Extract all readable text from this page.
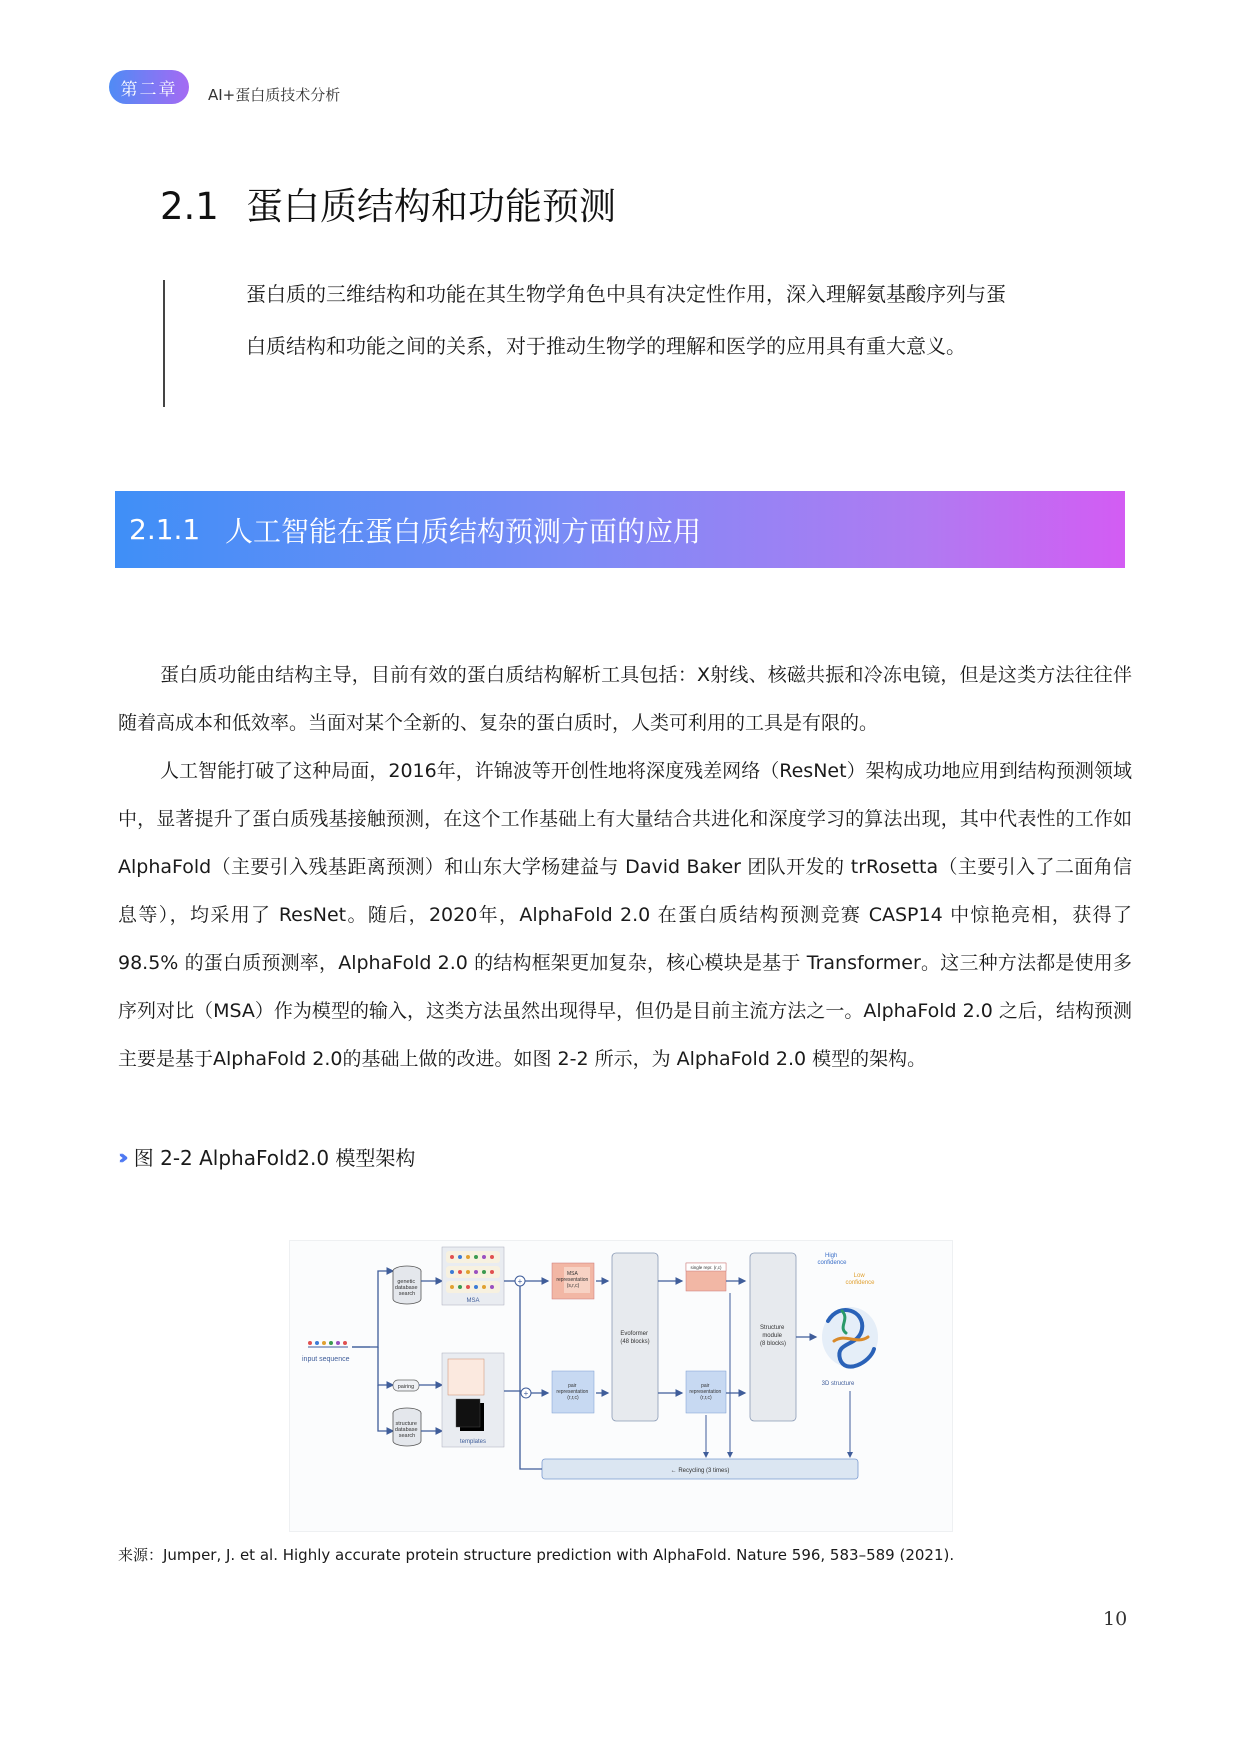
第二章	AI+蛋白质技术分析
2.1 蛋白质结构和功能预测
蛋白质的三维结构和功能在其生物学角色中具有决定性作用，深入理解氨基酸序列与蛋白质结构和功能之间的关系，对于推动生物学的理解和医学的应用具有重大意义。
2.1.1 人工智能在蛋白质结构预测方面的应用

蛋白质功能由结构主导，目前有效的蛋白质结构解析工具包括：X射线、核磁共振和冷冻电镜，但是这类方法往往伴随着高成本和低效率。当面对某个全新的、复杂的蛋白质时，人类可利用的工具是有限的。

人工智能打破了这种局面，2016年，许锦波等开创性地将深度残差网络（ResNet）架构成功地应用到结构预测领域中，显著提升了蛋白质残基接触预测，在这个工作基础上有大量结合共进化和深度学习的算法出现，其中代表性的工作如 AlphaFold（主要引入残基距离预测）和山东大学杨建益与 David Baker 团队开发的 trRosetta（主要引入了二面角信息等），均采用了 ResNet。随后，2020年，AlphaFold 2.0 在蛋白质结构预测竞赛 CASP14 中惊艳亮相，获得了 98.5% 的蛋白质预测率，AlphaFold 2.0 的结构框架更加复杂，核心模块是基于 Transformer。这三种方法都是使用多序列对比（MSA）作为模型的输入，这类方法虽然出现得早，但仍是目前主流方法之一。AlphaFold 2.0 之后，结构预测主要是基于AlphaFold 2.0的基础上做的改进。如图 2-2 所示，为 AlphaFold 2.0 模型的架构。

››› 图 2-2 AlphaFold2.0 模型架构
input sequence
genetic database search
pairing
structure database search
MSA
templates
+
+
MSA representation (s,r,c)
pair representation (r,r,c)
Evoformer (48 blocks)
single repr. (r,c)
pair representation (r,r,c)
Structure module (8 blocks)
High confidence
Low confidence
3D structure
← Recycling (3 times)
来源：Jumper, J. et al. Highly accurate protein structure prediction with AlphaFold. Nature 596, 583–589 (2021).
10
